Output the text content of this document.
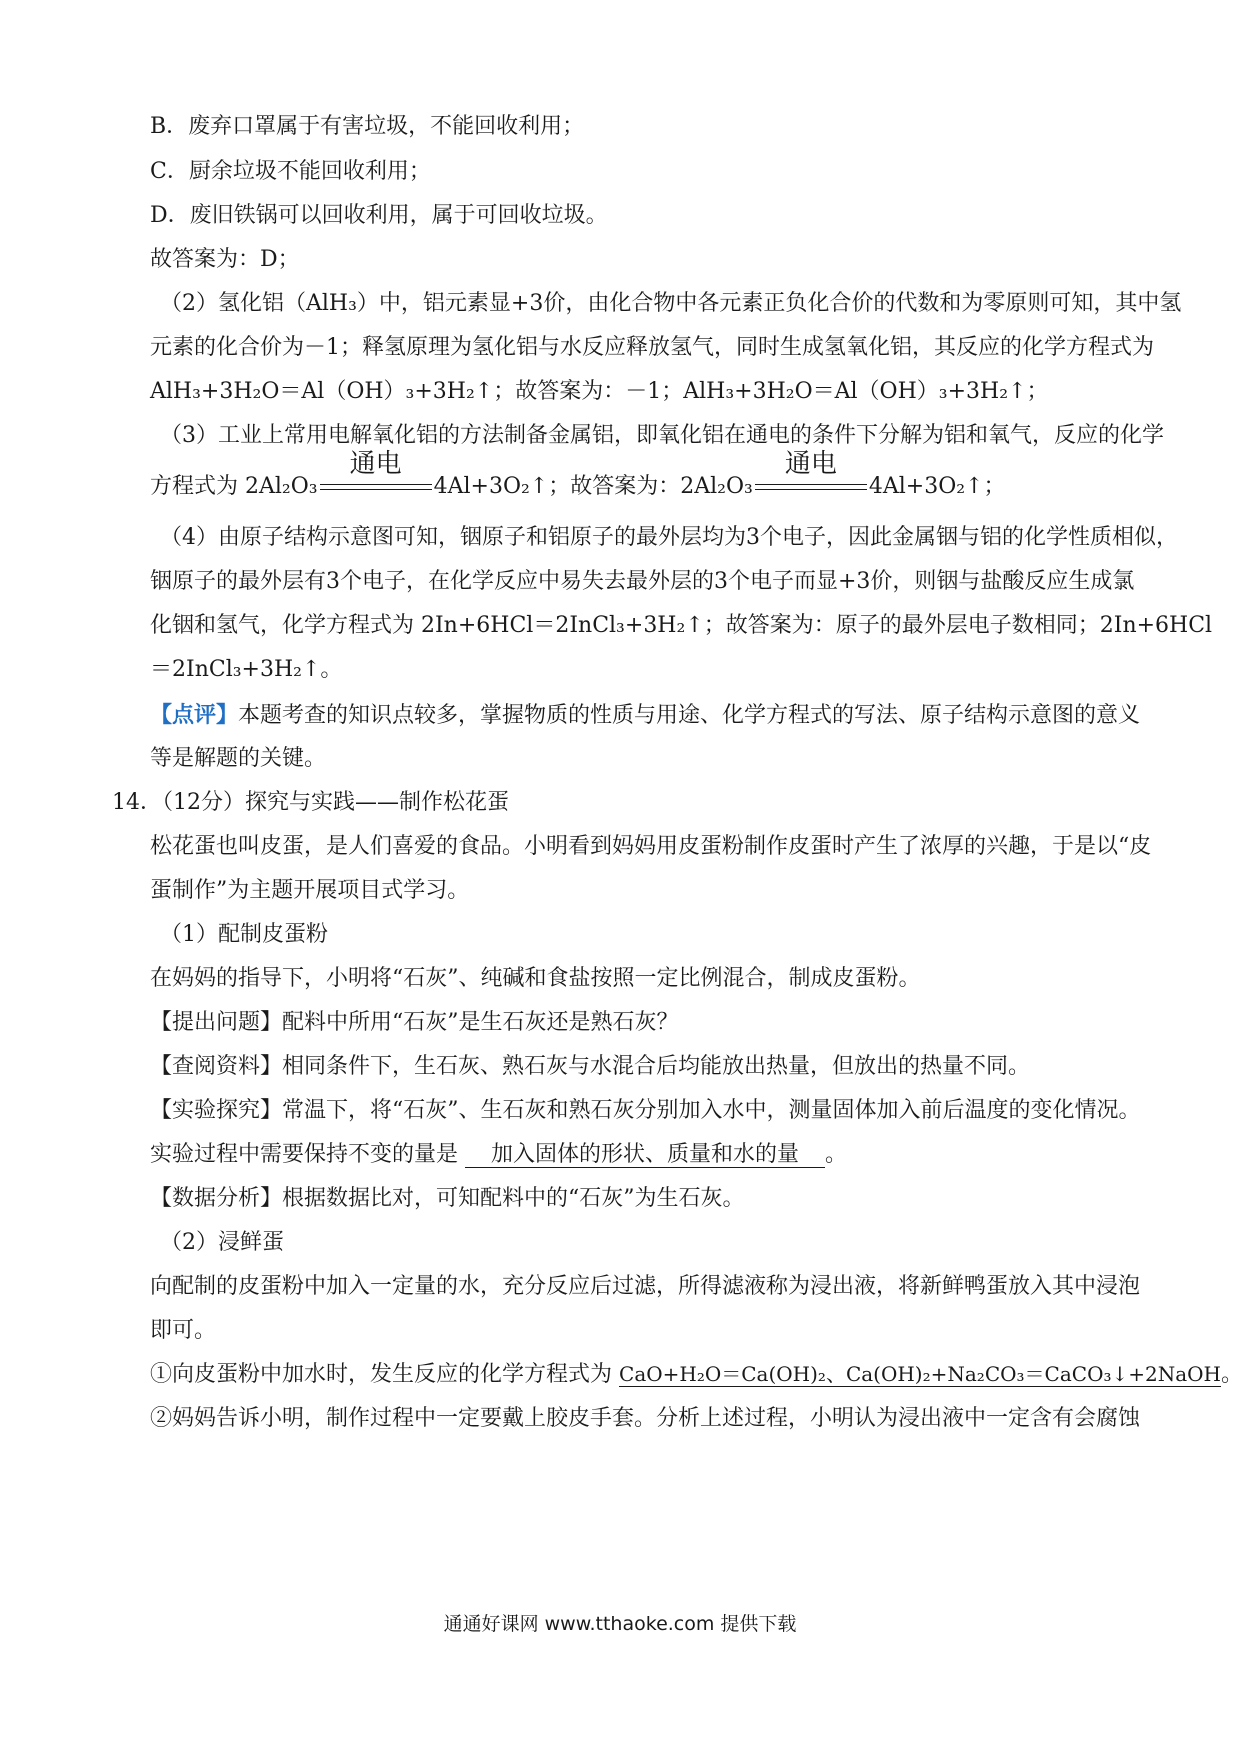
B．废弃口罩属于有害垃圾，不能回收利用；
C．厨余垃圾不能回收利用；
D．废旧铁锅可以回收利用，属于可回收垃圾。
故答案为：D；
（2）氢化铝（AlH₃）中，铝元素显+3价，由化合物中各元素正负化合价的代数和为零原则可知，其中氢
元素的化合价为－1；释氢原理为氢化铝与水反应释放氢气，同时生成氢氧化铝，其反应的化学方程式为
AlH₃+3H₂O＝Al（OH）₃+3H₂↑；故答案为：－1；AlH₃+3H₂O＝Al（OH）₃+3H₂↑；
（3）工业上常用电解氧化铝的方法制备金属铝，即氧化铝在通电的条件下分解为铝和氧气，反应的化学
方程式为 2Al₂O₃
通电
4Al+3O₂↑；故答案为：2Al₂O₃
通电
4Al+3O₂↑；
（4）由原子结构示意图可知，铟原子和铝原子的最外层均为3个电子，因此金属铟与铝的化学性质相似，
铟原子的最外层有3个电子，在化学反应中易失去最外层的3个电子而显+3价，则铟与盐酸反应生成氯
化铟和氢气，化学方程式为 2In+6HCl＝2InCl₃+3H₂↑；故答案为：原子的最外层电子数相同；2In+6HCl
＝2InCl₃+3H₂↑。
【点评】本题考查的知识点较多，掌握物质的性质与用途、化学方程式的写法、原子结构示意图的意义
等是解题的关键。
14．（12分）探究与实践——制作松花蛋
松花蛋也叫皮蛋，是人们喜爱的食品。小明看到妈妈用皮蛋粉制作皮蛋时产生了浓厚的兴趣，于是以“皮
蛋制作”为主题开展项目式学习。
（1）配制皮蛋粉
在妈妈的指导下，小明将“石灰”、纯碱和食盐按照一定比例混合，制成皮蛋粉。
【提出问题】配料中所用“石灰”是生石灰还是熟石灰？
【查阅资料】相同条件下，生石灰、熟石灰与水混合后均能放出热量，但放出的热量不同。
【实验探究】常温下，将“石灰”、生石灰和熟石灰分别加入水中，测量固体加入前后温度的变化情况。
实验过程中需要保持不变的量是 加入固体的形状、质量和水的量 。
【数据分析】根据数据比对，可知配料中的“石灰”为生石灰。
（2）浸鲜蛋
向配制的皮蛋粉中加入一定量的水，充分反应后过滤，所得滤液称为浸出液，将新鲜鸭蛋放入其中浸泡
即可。
①向皮蛋粉中加水时，发生反应的化学方程式为 CaO+H₂O＝Ca(OH)₂、Ca(OH)₂+Na₂CO₃＝CaCO₃↓+2NaOH。
②妈妈告诉小明，制作过程中一定要戴上胶皮手套。分析上述过程，小明认为浸出液中一定含有会腐蚀
通通好课网 www.tthaoke.com 提供下载
